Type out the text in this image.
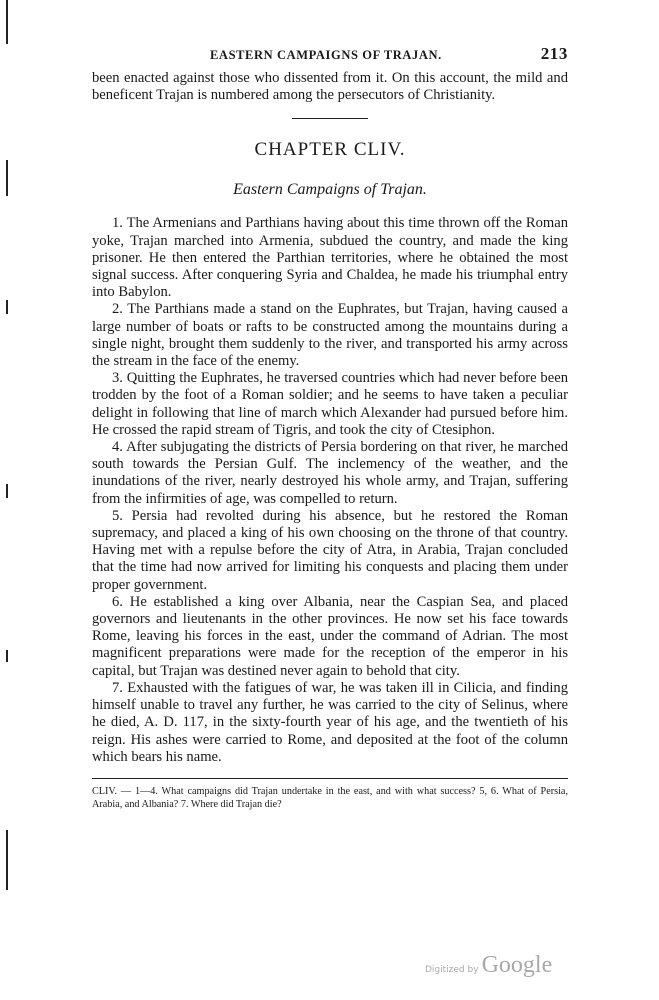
EASTERN CAMPAIGNS OF TRAJAN.	213

been enacted against those who dissented from it. On this account, the mild and beneficent Trajan is numbered among the persecutors of Christianity.

CHAPTER CLIV.
Eastern Campaigns of Trajan.

1. The Armenians and Parthians having about this time thrown off the Roman yoke, Trajan marched into Armenia, subdued the country, and made the king prisoner. He then entered the Parthian territories, where he obtained the most signal success. After conquering Syria and Chaldea, he made his triumphal entry into Babylon.

2. The Parthians made a stand on the Euphrates, but Trajan, having caused a large number of boats or rafts to be constructed among the mountains during a single night, brought them suddenly to the river, and transported his army across the stream in the face of the enemy.

3. Quitting the Euphrates, he traversed countries which had never before been trodden by the foot of a Roman soldier; and he seems to have taken a peculiar delight in following that line of march which Alexander had pursued before him. He crossed the rapid stream of Tigris, and took the city of Ctesiphon.

4. After subjugating the districts of Persia bordering on that river, he marched south towards the Persian Gulf. The inclemency of the weather, and the inundations of the river, nearly destroyed his whole army, and Trajan, suffering from the infirmities of age, was compelled to return.

5. Persia had revolted during his absence, but he restored the Roman supremacy, and placed a king of his own choosing on the throne of that country. Having met with a repulse before the city of Atra, in Arabia, Trajan concluded that the time had now arrived for limiting his conquests and placing them under proper government.

6. He established a king over Albania, near the Caspian Sea, and placed governors and lieutenants in the other provinces. He now set his face towards Rome, leaving his forces in the east, under the command of Adrian. The most magnificent preparations were made for the reception of the emperor in his capital, but Trajan was destined never again to behold that city.

7. Exhausted with the fatigues of war, he was taken ill in Cilicia, and finding himself unable to travel any further, he was carried to the city of Selinus, where he died, A. D. 117, in the sixty-fourth year of his age, and the twentieth of his reign. His ashes were carried to Rome, and deposited at the foot of the column which bears his name.

CLIV. — 1—4. What campaigns did Trajan undertake in the east, and with what success? 5, 6. What of Persia, Arabia, and Albania? 7. Where did Trajan die?

Digitized by Google
